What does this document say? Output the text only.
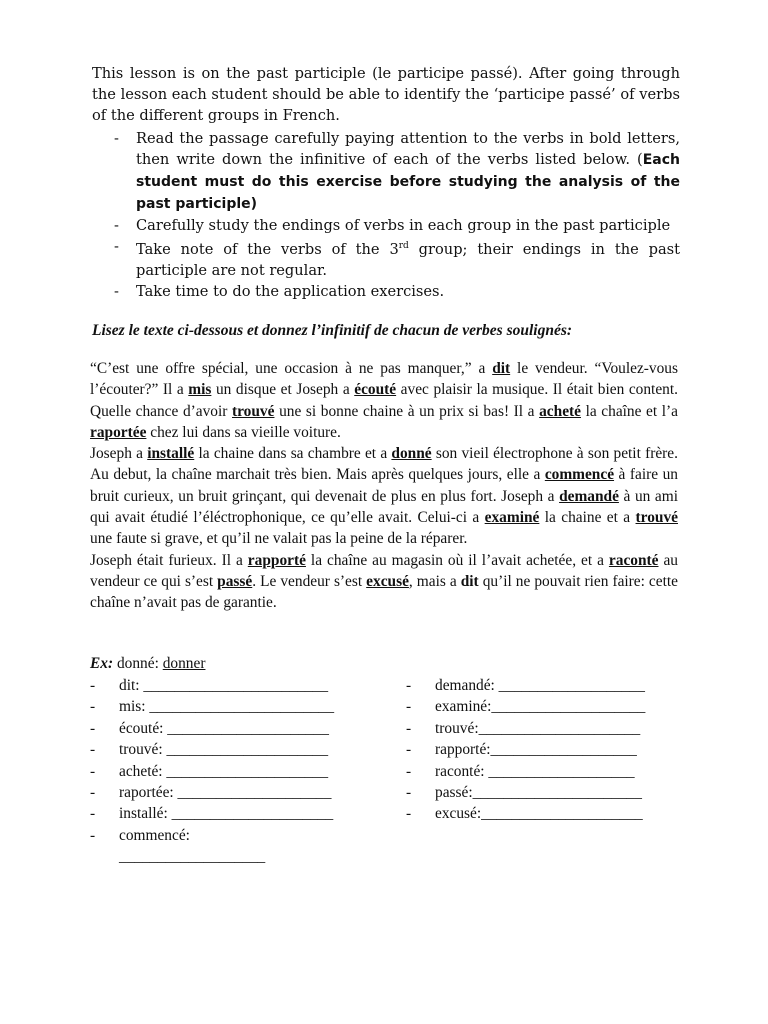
This lesson is on the past participle (le participe passé). After going through the lesson each student should be able to identify the ‘participe passé’ of verbs of the different groups in French.

- Read the passage carefully paying attention to the verbs in bold letters, then write down the infinitive of each of the verbs listed below. (Each student must do this exercise before studying the analysis of the past participle)
- Carefully study the endings of verbs in each group in the past participle
- Take note of the verbs of the 3rd group; their endings in the past participle are not regular.
- Take time to do the application exercises.
Lisez le texte ci-dessous et donnez l’infinitif de chacun de verbes soulignés:

“C’est une offre spécial, une occasion à ne pas manquer,” a dit le vendeur. “Voulez-vous l’écouter?” Il a mis un disque et Joseph a écouté avec plaisir la musique. Il était bien content. Quelle chance d’avoir trouvé une si bonne chaine à un prix si bas! Il a acheté la chaîne et l’a raportée chez lui dans sa vieille voiture.

Joseph a installé la chaine dans sa chambre et a donné son vieil électrophone à son petit frère. Au debut, la chaîne marchait très bien. Mais après quelques jours, elle a commencé à faire un bruit curieux, un bruit grinçant, qui devenait de plus en plus fort. Joseph a demandé à un ami qui avait étudié l’éléctrophonique, ce qu’elle avait. Celui-ci a examiné la chaine et a trouvé une faute si grave, et qu’il ne valait pas la peine de la réparer.

Joseph était furieux. Il a rapporté la chaîne au magasin où il l’avait achetée, et a raconté au vendeur ce qui s’est passé. Le vendeur s’est excusé, mais a dit qu’il ne pouvait rien faire: cette chaîne n’avait pas de garantie.

Ex: donné: donner
- dit: ________________________
- mis: ________________________
- écouté: _____________________
- trouvé: _____________________
- acheté: _____________________
- raportée: ____________________
- installé: _____________________
- commencé:
___________________
- demandé: ___________________
- examiné:____________________
- trouvé:_____________________
- rapporté:___________________
- raconté: ___________________
- passé:______________________
- excusé:_____________________
